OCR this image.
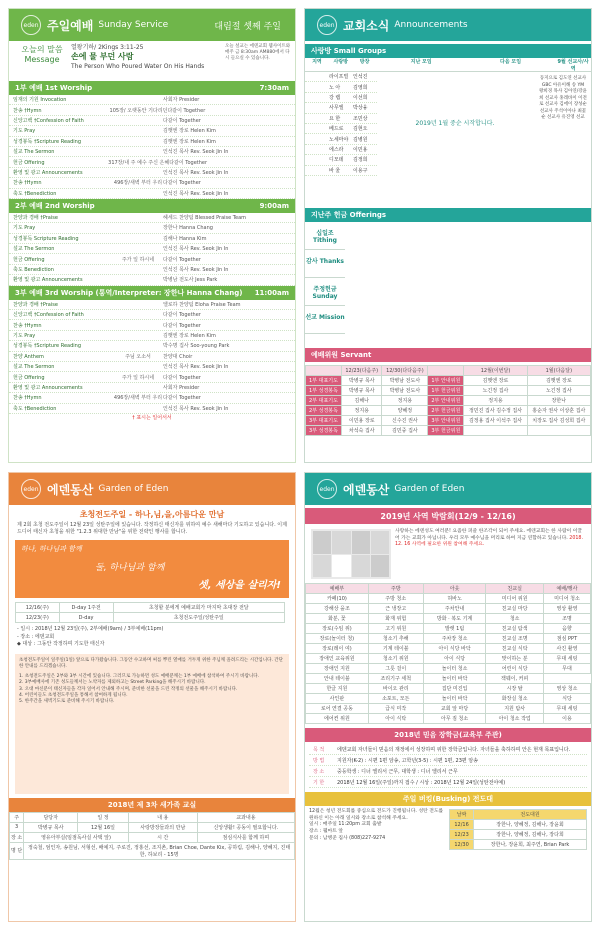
eden 주일예배 Sunday Service	대림절 셋째 주일
오늘의 말씀
Message
열왕기하/ 2Kings 3:11-25
손에 물 부던 사람
The Person Who Poured Water On His Hands
오늘 설교는 에덴교회 웹사이트와 매주 금 8:30am AM880에서 다시 들으실 수 있습니다.
1부 예배 1st Worship	7:30am
임재의 기원 Invocation	사회자 Presider
찬송 †Hymn	105장/ 오랫동안 기다리던 다같이 Together
신앙고백 †Confession of Faith	다같이 Together
기도 Pray	김햇엔 장로 Helen Kim
성경봉독 †Scripture Reading	김햇엔 장로 Helen Kim
설교 The Sermon	인석진 목사 Rev. Seok Jin In
헌금 Offering	317장/내 주 예수 주신 은혜 다같이 Together
환영 및 광고 Announcements	인석진 목사 Rev. Seok Jin In
찬송 †Hymn	496장/새벽 부터 우리 다같이 Together
축도 †Benediction	인석진 목사 Rev. Seok Jin In
2부 예배 2nd Worship	9:00am
찬양과 경배 †Praise	헤세드 찬양팀 Blessed Praise Team
기도 Pray	장한나 Hanna Chang
성경봉독 Scripture Reading	김해나 Hanna Kim
설교 The Sermon	인석진 목사 Rev. Seok Jin In
헌금 Offering	주가 일 하시네	다같이 Together
축도 Benediction	인석진 목사 Rev. Seok Jin In
환영 및 광고 Announcements	박병남 전도사 Jess Park
3부 예배 3rd Worship (통역/Interpreter: 장한나 Hanna Chang) 11:00am
찬양과 경배 †Praise	엘로하 찬양팀 Eloha Praise Team
신앙고백 †Confession of Faith	다같이 Together
찬송 †Hymn	다같이 Together
기도 Pray	김햇엔 장로 Helen Kim
성경봉독 †Scripture Reading	박수명 집사 Soo-young Park
찬양 Anthem	주님 오소서	찬양대 Choir
설교 The Sermon	인석진 목사 Rev. Seok Jin In
헌금 Offering	주가 일 하시네	다같이 Together
환영 및 광고 Announcements	사회자 Presider
찬송 †Hymn	496장/새벽 부터 우리 다같이 Together
축도 †Benediction	인석진 목사 Rev. Seok Jin In
† 표시는 일어서서
eden 교회소식 Announcements
사랑방 Small Groups
지역	사랑방	방장	지난 모임	다음 모임	9월 선교사/사역
라이프빌 인석진
노 아	김영희
강 렙	이선희
사무엘	박상융
요 한	조민상
베드로	김현오
노세마야 김병원
에스라	이민용
디모데	김정희
바 울	이용구
2019년 1월 중순 시작합니다.
동지으로 김도연 선교사 GBC 아유이해 송 YM 왕희경 목사 김아연/강윤희 선교사 홍레바이 이전로 선교사 김에이 장성순 선교사 주석이아나 최꽃순 선교사 유진영 선교
지난주 헌금 Offerings
십일조 Tithing
감사 Thanks
주정헌금 Sunday
선교 Mission
예배위원 Servant
	12/23(다음주)	12/30(다다음주)		12월(이번달)	1월(다음달)
1부 대표기도	박병규 목사	박병남 전도사	1부 안내위원	김햇엔 장로	김햇엔 장로
1부 성경봉독	박병규 목사	박병남 전도사	1부 헌금위원	노긴정 집사	노긴정 집사
2부 대표기도	김해나	정지용	2부 안내위원	정지용	장한나
2부 성경봉독	정지용	양혜정	2부 헌금위원	정민진 집사 김수정 집사	홍순자 권사 이상훈 집사
3부 대표기도	이민용 장로	신수진 권사	3부 안내위원	김정용 집사 이석주 집사	치장도 집사 김성희 집사
3부 성경봉독	차석숙 집사	김민중 집사	3부 헌금위원		
eden 에덴동산 Garden of Eden
초청전도주일 - 하나,님,을,아름다운 만남
제 2회 초청 전도주일이 12월 23일 성탄주일에 있습니다. 작정하신 태신자를 위하여 예수 새해마다 기도하고 있습니다. 이제 드디어 태신자 초청을 위한 "1.2.3 위대한 만남"을 위한 전략인 행사를 합니다.
하나, 하나님과 함께
둘, 하나님과 함께
셋, 세상을 살리자!
12/16(주)	D-day 1주전	초청할 분에게 예배교회가 마지막 초대장 전달
12/23(주)	D-day	초청전도주일/성탄주일
- 일시 : 2018년 12월 23일(주), 2부예배(9am) / 3부예배(11pm)
- 장소 : 에덴교회
◆ 대상 : 그동안 작정하며 기도한 태신자
초청전도주일이 일주일(1일) 앞으로 다가왔습니다. 그동안 수고하며 써를 뿌린 열매를 거두게 위한 주님께 올려드리는 시간입니다. 간단한 안내를 드리겠습니다.
1. 초청전도주일은 2부와 3부 시간에 있습니다. 그러므로 가능하면 성도 예배분께는 1부 예배에 참석하여 주시기 바랍니다.
2. 3부예배사에 기존 성도들께서는 노약자를 제외하고는 Street Parking을 해주시기 바랍니다.
3. 오대 마신분이 태신자들을 각자 일어서 안내해 주시며, 준비한 선물을 드린 작정의 선물을 해주시기 바랍니다.
4. 어린이들도 초청전도주일을 통해서 참여하게 됩니다.
5. 한주간을 새벽기도로 준비해 주시기 바랍니다.
2018년 제 3차 새가족 교실
주	담당자	일 정	내 용	교과내용
3	박병규 목사	12월 16일	사랑방장들과의 만남	신앙생활! 공동이 필요합니다.
장 소	영유아부실(임점독사실 사택 앞)		시 간	점심식사를 함께 하며
명 단	정숙철, 엄인자, 송원님, 서형선, 배예지, 주로진, 정홍선, 조지촌, Brian Choe, Dante Kix, 공하림, 김해나, 양혜지, 진태한, 하보리 - 15명			
eden 에덴동산 Garden of Eden
2019년 사역 박람회(12/9 - 12/16)
사랑하는 에덴성도 여러분! 요즘한 퍼즐 한조각이 되어 주세요. 에덴교회는 한 사람이 이끌어 가는 교회가 아닙니다. 우리 모두 예수님을 머리로 하여 지금 연합하고 있습니다. 2018. 12. 16 사역에 필요한 위원 참여해 주세요.
예배부	주방	아웃	친교실	예배/행사
카페(10)	주방 청소	허바노	미디어 위원	미디어 청소
강해상 을조	근 냉장고	주차안내	친교실 마당	영상 촬영
화분, 꽃	화재 위험	방화 · 복도 기계	청소	조명
장로(수임 위)	고기 위원	발렛 1팀	친교실 탐색	음향
장로(놀이터 청)	청소기 추해	주차장 청소	친교실 조명	점심 PPT
장로(레이 여)	기계 테이블	아이 식당 바닥	친교실 식탁	사진 촬영
장애인 교육위원	청소기 위원	아이 식당	맞이하는 분	무대 세팅
장애인 지원	그릇 걸이	놀이터 청소	어린이 식당	무대
안내 테이블	조리기구 세척	놀이터 바닥	잭웨이, 커피	
한글 지원	바이오 관리	집단 미진입	시장 탈	영상 청소
사인판	소포트, 모든	놀이터 바닥	화장실 청소	식당
로어 연결 공동	급식 미작	교회 앞 마당	지원 탐사	무대 세팅
에어컨 위원	아이 식탁	아무 짐 청소	아이 청소 작업	이용
2018년 믿음 장학금(교육부 주관)
목 적	에덴교회 자녀들이 믿음의 재정에서 성장하며 위한 장학금입니다. 자녀들을 축하하며 안은 현재 목표입니다.
방 법	지원자(K-2) : 시편 1편 암송, 고학년(3-5) : 시편 1편, 23편 암송
장 소	중등학생 : 디너 엘리서 근무, 대학생 : 디너 엘리서 근무
기 한	2018년 12월 16일(주일)까지 접수 / 시상 : 2018년 12월 24일(성탄전야예)
주일 버킹(Busking) 전도대
12월은 청년 전도회를 중심으로 전도가 진행됩니다. 성탄 전도를 원하신 이는 아래 일시와 장소로 참석해 주세요.
일시 : 매주일 11:20pm 교회 출발
장소 : 웰마트 앞
문의 : 남병준 집사 (808)227-9274
날짜	전도대원
12/16	장한나, 양혜정, 김해나, 장윤회
12/23	장한나, 양혜정, 김해나, 장다희
12/30	장한나, 장윤희, 최주연, Brian Park
